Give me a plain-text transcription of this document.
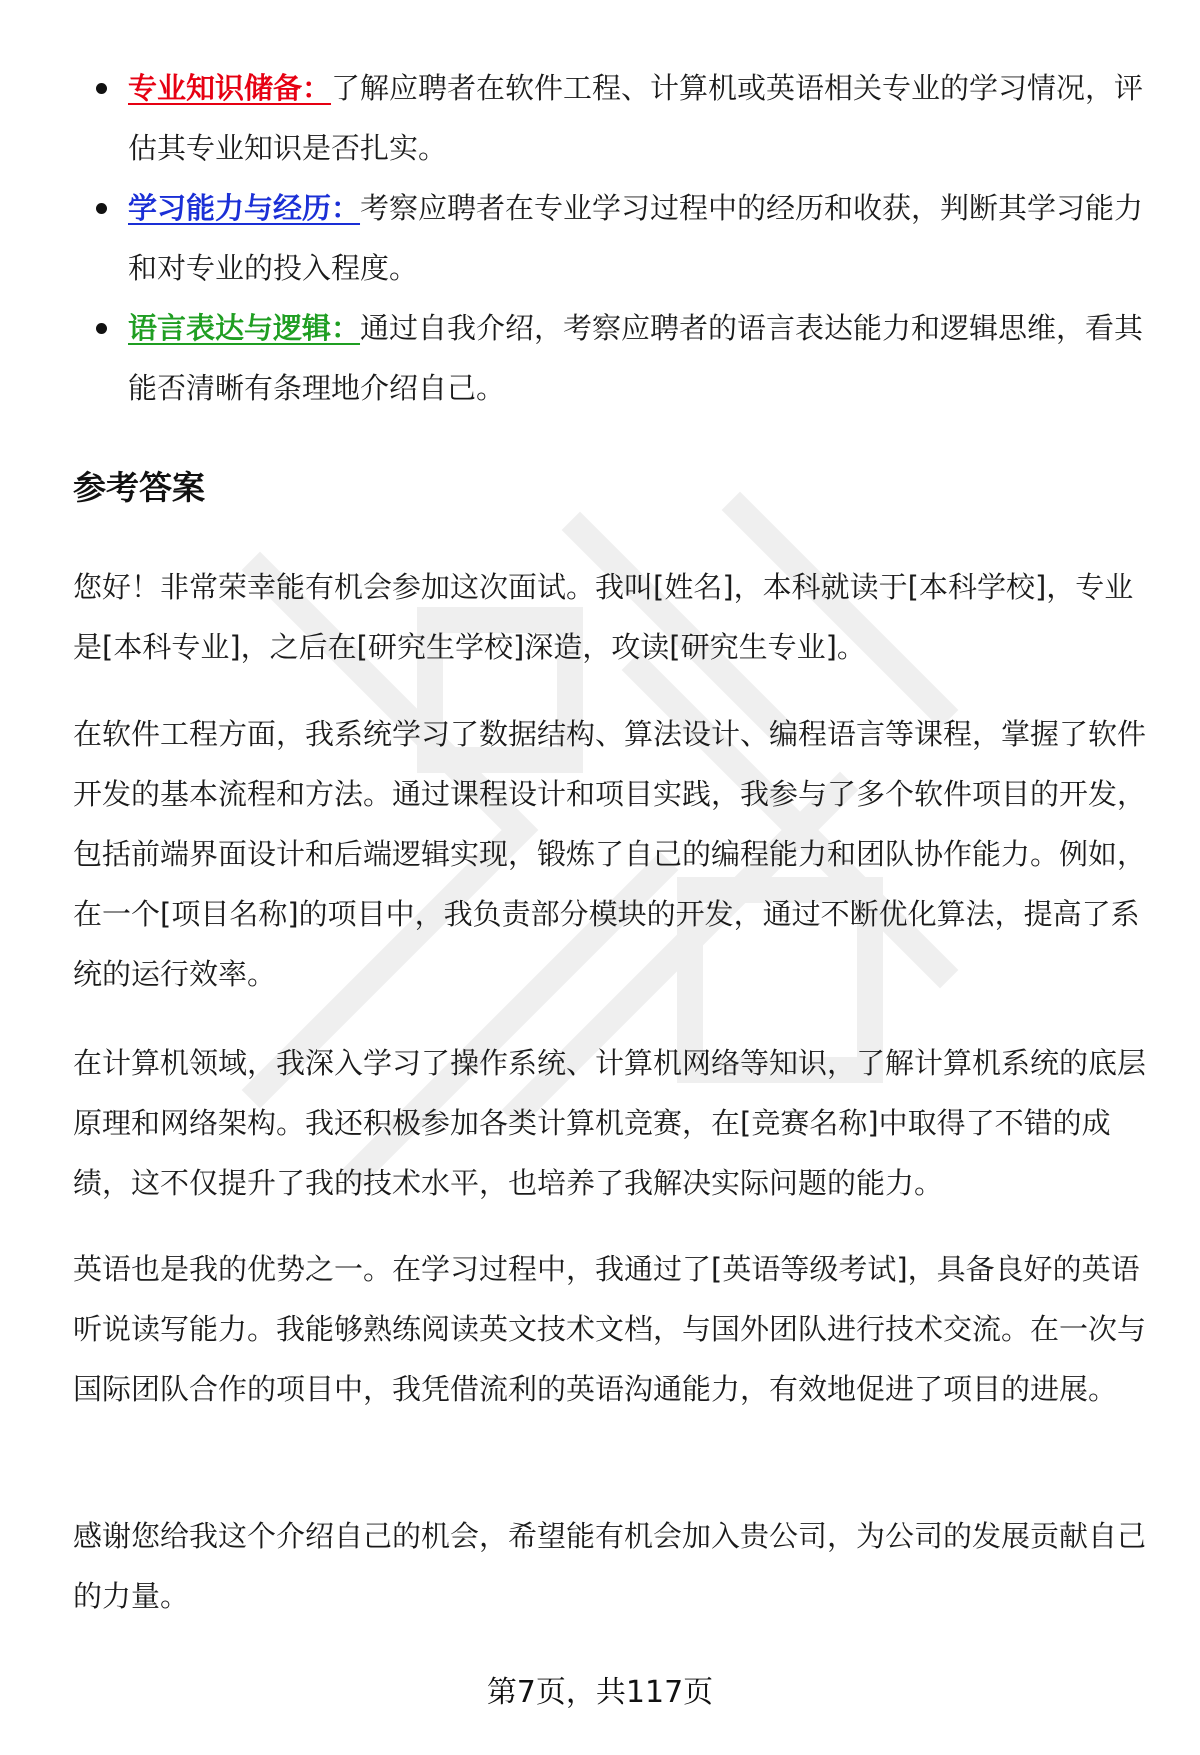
专业知识储备：了解应聘者在软件工程、计算机或英语相关专业的学习情况，评估其专业知识是否扎实。
学习能力与经历：考察应聘者在专业学习过程中的经历和收获，判断其学习能力和对专业的投入程度。
语言表达与逻辑：通过自我介绍，考察应聘者的语言表达能力和逻辑思维，看其能否清晰有条理地介绍自己。
参考答案

您好！非常荣幸能有机会参加这次面试。我叫[姓名]，本科就读于[本科学校]，专业是[本科专业]，之后在[研究生学校]深造，攻读[研究生专业]。

在软件工程方面，我系统学习了数据结构、算法设计、编程语言等课程，掌握了软件开发的基本流程和方法。通过课程设计和项目实践，我参与了多个软件项目的开发，包括前端界面设计和后端逻辑实现，锻炼了自己的编程能力和团队协作能力。例如，在一个[项目名称]的项目中，我负责部分模块的开发，通过不断优化算法，提高了系统的运行效率。

在计算机领域，我深入学习了操作系统、计算机网络等知识，了解计算机系统的底层原理和网络架构。我还积极参加各类计算机竞赛，在[竞赛名称]中取得了不错的成绩，这不仅提升了我的技术水平，也培养了我解决实际问题的能力。

英语也是我的优势之一。在学习过程中，我通过了[英语等级考试]，具备良好的英语听说读写能力。我能够熟练阅读英文技术文档，与国外团队进行技术交流。在一次与国际团队合作的项目中，我凭借流利的英语沟通能力，有效地促进了项目的进展。

感谢您给我这个介绍自己的机会，希望能有机会加入贵公司，为公司的发展贡献自己的力量。

第7页，共117页
